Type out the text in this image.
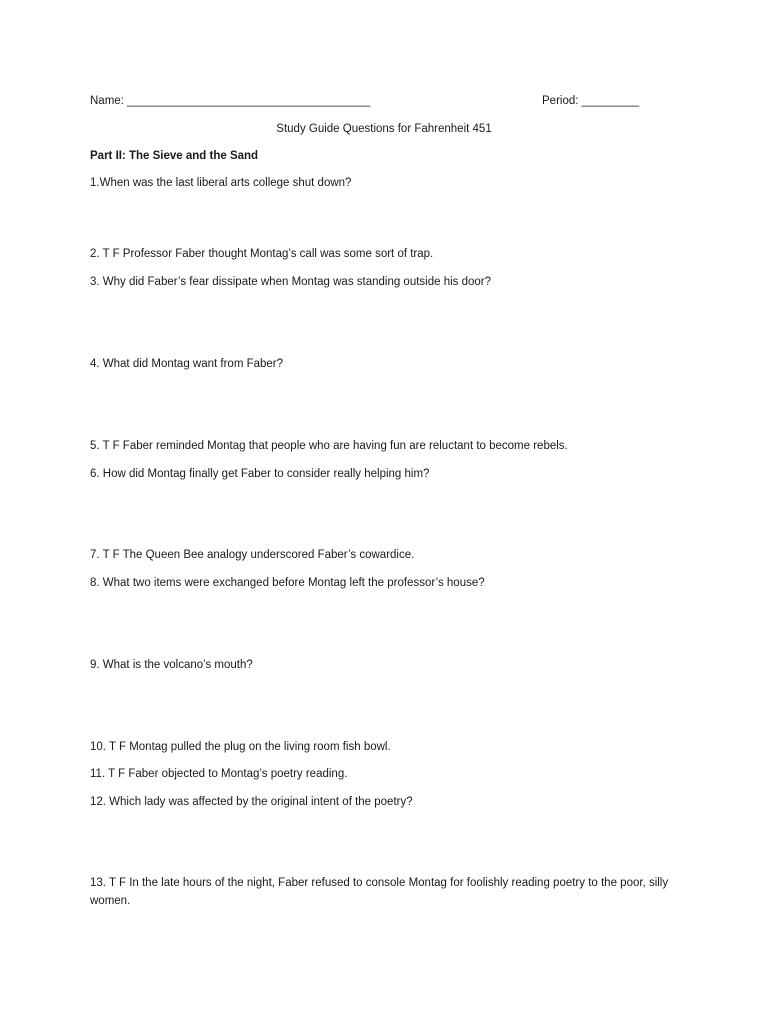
Name: ______________________________________	Period: _________
Study Guide Questions for Fahrenheit 451
Part II: The Sieve and the Sand
1.When was the last liberal arts college shut down?
2. T F Professor Faber thought Montag’s call was some sort of trap.
3. Why did Faber’s fear dissipate when Montag was standing outside his door?
4. What did Montag want from Faber?
5. T F Faber reminded Montag that people who are having fun are reluctant to become rebels.
6. How did Montag finally get Faber to consider really helping him?
7. T F The Queen Bee analogy underscored Faber’s cowardice.
8. What two items were exchanged before Montag left the professor’s house?
9. What is the volcano’s mouth?
10. T F Montag pulled the plug on the living room fish bowl.
11. T F Faber objected to Montag’s poetry reading.
12. Which lady was affected by the original intent of the poetry?
13. T F In the late hours of the night, Faber refused to console Montag for foolishly reading poetry to the poor, silly women.
